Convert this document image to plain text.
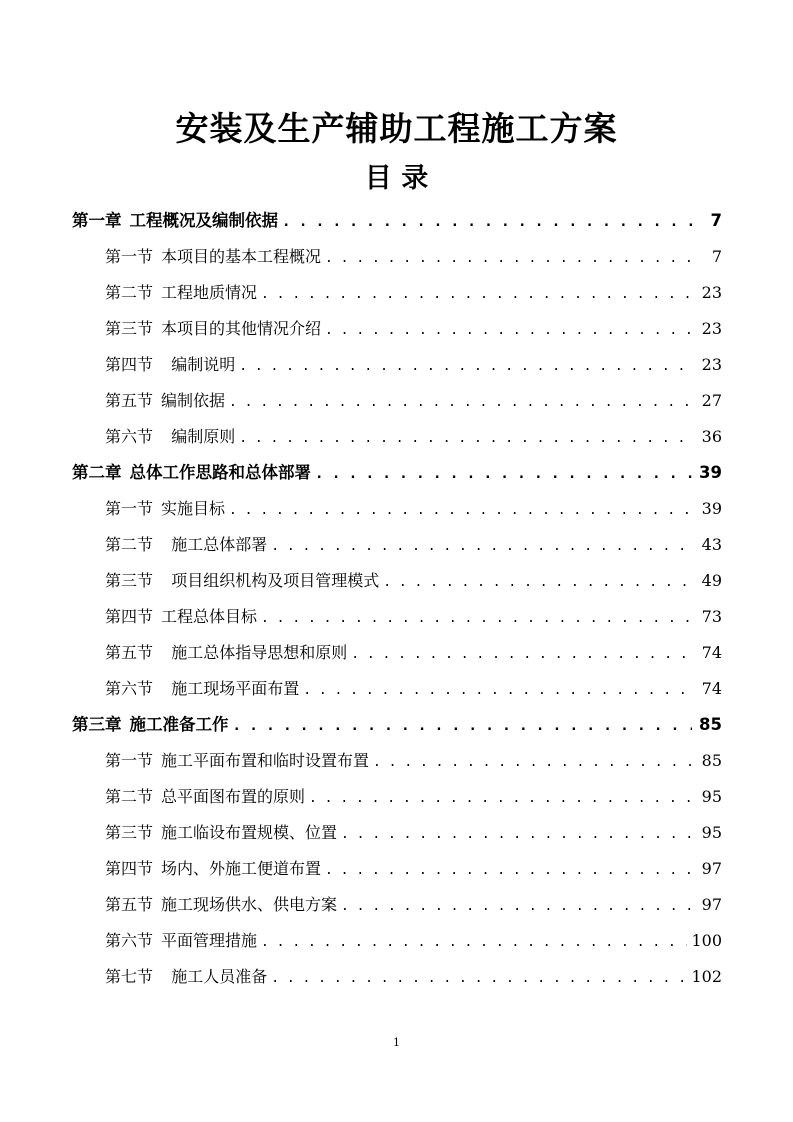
安装及生产辅助工程施工方案
目 录
第一章 工程概况及编制依据 . . .	7
第一节 本项目的基本工程概况 . . .	7
第二节 工程地质情况 . . .	23
第三节 本项目的其他情况介绍 . . .	23
第四节  编制说明 . . .	23
第五节 编制依据 . . .	27
第六节  编制原则 . . .	36
第二章 总体工作思路和总体部署 . . .	39
第一节 实施目标 . . .	39
第二节  施工总体部署 . . .	43
第三节  项目组织机构及项目管理模式 . . .	49
第四节 工程总体目标 . . .	73
第五节  施工总体指导思想和原则 . . .	74
第六节  施工现场平面布置 . . .	74
第三章 施工准备工作 . . .	85
第一节 施工平面布置和临时设置布置 . . .	85
第二节 总平面图布置的原则 . . .	95
第三节 施工临设布置规模、位置 . . .	95
第四节 场内、外施工便道布置 . . .	97
第五节 施工现场供水、供电方案 . . .	97
第六节 平面管理措施 . . .	100
第七节  施工人员准备 . . .	102
1
